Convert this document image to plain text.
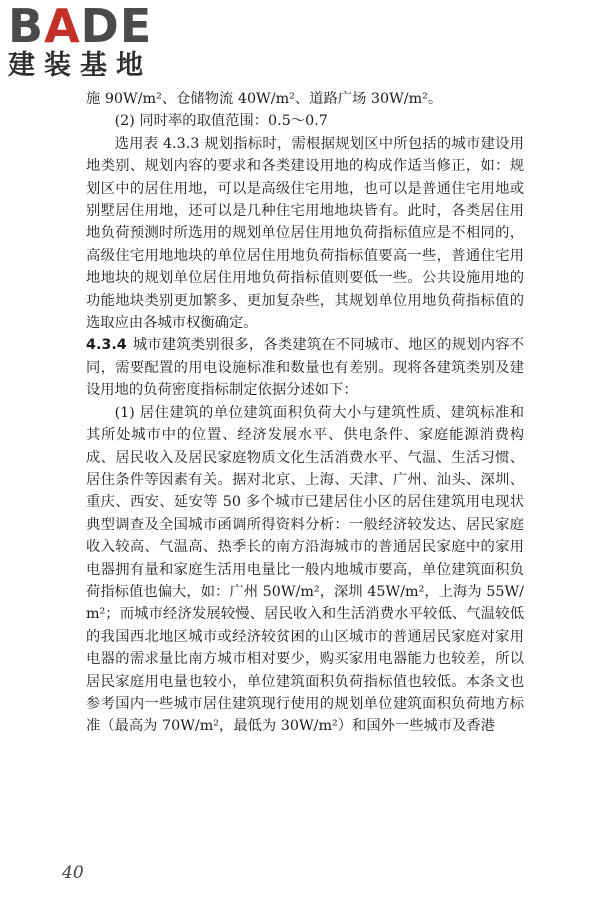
BADE
建装基地

施 90W/m²、仓储物流 40W/m²、道路广场 30W/m²。

(2) 同时率的取值范围：0.5～0.7

选用表 4.3.3 规划指标时，需根据规划区中所包括的城市建设用地类别、规划内容的要求和各类建设用地的构成作适当修正，如：规划区中的居住用地，可以是高级住宅用地，也可以是普通住宅用地或别墅居住用地，还可以是几种住宅用地地块皆有。此时，各类居住用地负荷预测时所选用的规划单位居住用地负荷指标值应是不相同的，高级住宅用地地块的单位居住用地负荷指标值要高一些，普通住宅用地地块的规划单位居住用地负荷指标值则要低一些。公共设施用地的功能地块类别更加繁多、更加复杂些，其规划单位用地负荷指标值的选取应由各城市权衡确定。

4.3.4 城市建筑类别很多，各类建筑在不同城市、地区的规划内容不同，需要配置的用电设施标准和数量也有差别。现将各建筑类别及建设用地的负荷密度指标制定依据分述如下：

(1) 居住建筑的单位建筑面积负荷大小与建筑性质、建筑标准和其所处城市中的位置、经济发展水平、供电条件、家庭能源消费构成、居民收入及居民家庭物质文化生活消费水平、气温、生活习惯、居住条件等因素有关。据对北京、上海、天津、广州、汕头、深圳、重庆、西安、延安等 50 多个城市已建居住小区的居住建筑用电现状典型调查及全国城市函调所得资料分析：一般经济较发达、居民家庭收入较高、气温高、热季长的南方沿海城市的普通居民家庭中的家用电器拥有量和家庭生活用电量比一般内地城市要高，单位建筑面积负荷指标值也偏大，如：广州 50W/m²，深圳 45W/m²，上海为 55W/m²；而城市经济发展较慢、居民收入和生活消费水平较低、气温较低的我国西北地区城市或经济较贫困的山区城市的普通居民家庭对家用电器的需求量比南方城市相对要少，购买家用电器能力也较差，所以居民家庭用电量也较小，单位建筑面积负荷指标值也较低。本条文也参考国内一些城市居住建筑现行使用的规划单位建筑面积负荷地方标准（最高为 70W/m²，最低为 30W/m²）和国外一些城市及香港

40
